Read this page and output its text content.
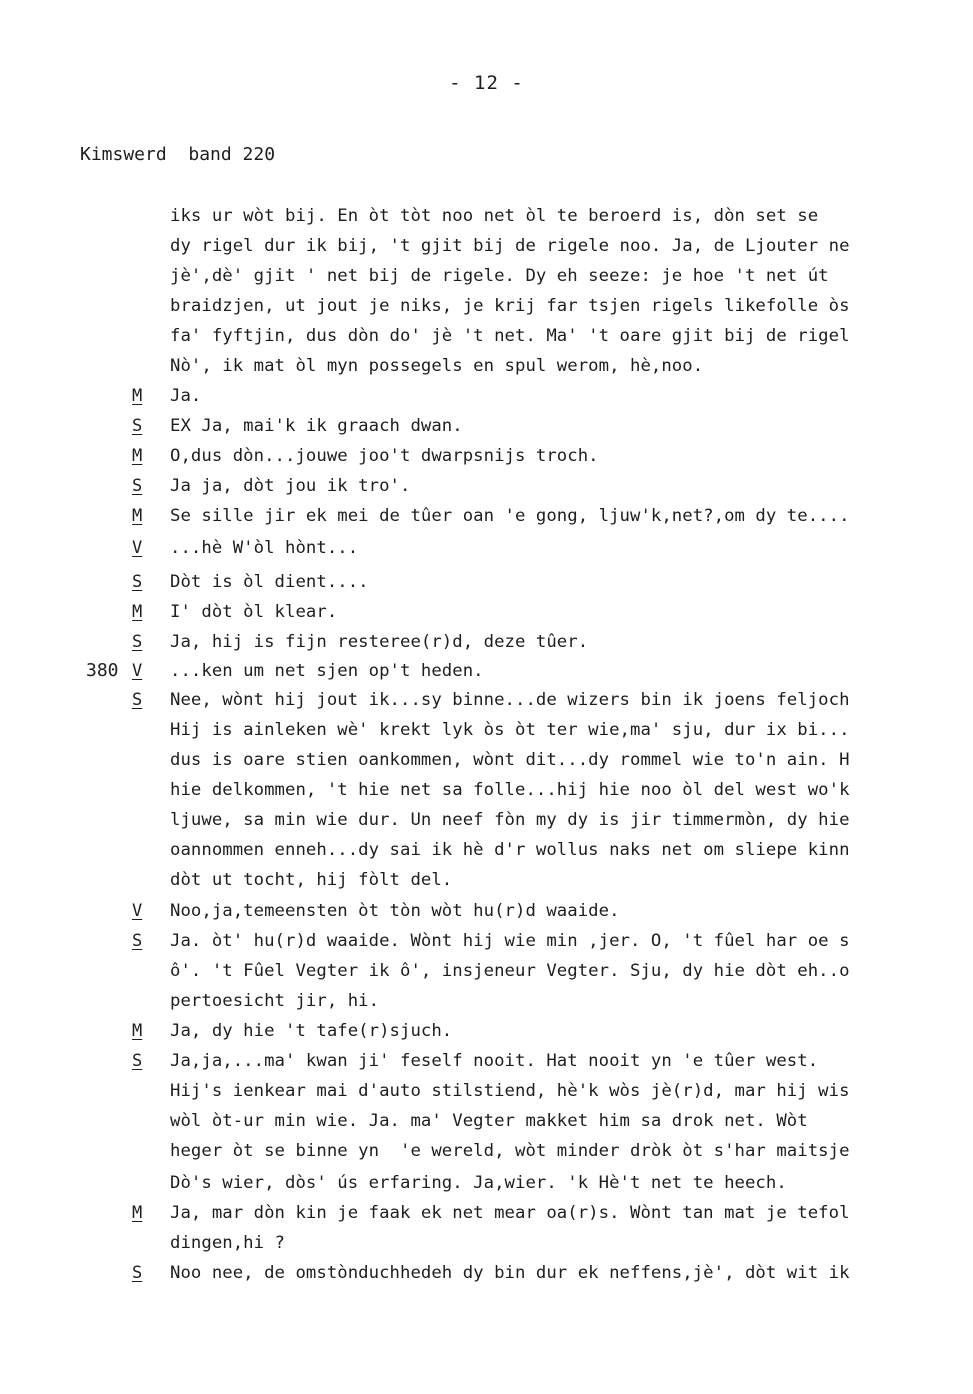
- 12 -
Kimswerd  band 220
iks ur wòt bij. En òt tòt noo net òl te beroerd is, dòn set se
dy rigel dur ik bij, 't gjit bij de rigele noo. Ja, de Ljouter ne
jè',dè' gjit ' net bij de rigele. Dy eh seeze: je hoe 't net út
braidzjen, ut jout je niks, je krij far tsjen rigels likefolle òs
fa' fyftjin, dus dòn do' jè 't net. Ma' 't oare gjit bij de rigel
Nò', ik mat òl myn possegels en spul werom, hè,noo.
M Ja.
S EX Ja, mai'k ik graach dwan.
M O,dus dòn...jouwe joo't dwarpsnijs troch.
S Ja ja, dòt jou ik tro'.
M Se sille jir ek mei de tûer oan 'e gong, ljuw'k,net?,om dy te....
V ...hè W'òl hònt...
S Dòt is òl dient....
M I' dòt òl klear.
S Ja, hij is fijn resteree(r)d, deze tûer.
380 V ...ken um net sjen op't heden.
S Nee, wònt hij jout ik...sy binne...de wizers bin ik joens feljoch
Hij is ainleken wè' krekt lyk òs òt ter wie,ma' sju, dur ix bi...
dus is oare stien oankommen, wònt dit...dy rommel wie to'n ain. H
hie delkommen, 't hie net sa folle...hij hie noo òl del west wo'k
ljuwe, sa min wie dur. Un neef fòn my dy is jir timmermòn, dy hie
oannommen enneh...dy sai ik hè d'r wollus naks net om sliepe kinn
dòt ut tocht, hij fòlt del.
V Noo,ja,temeensten òt tòn wòt hu(r)d waaide.
S Ja. òt' hu(r)d waaide. Wònt hij wie min ,jer. O, 't fûel har oe s
ô'. 't Fûel Vegter ik ô', insjeneur Vegter. Sju, dy hie dòt eh..o
pertoesicht jir, hi.
M Ja, dy hie 't tafe(r)sjuch.
S Ja,ja,...ma' kwan ji' feself nooit. Hat nooit yn 'e tûer west.
Hij's ienkear mai d'auto stilstiend, hè'k wòs jè(r)d, mar hij wis
wòl òt-ur min wie. Ja. ma' Vegter makket him sa drok net. Wòt
heger òt se binne yn  'e wereld, wòt minder dròk òt s'har maitsje
Dò's wier, dòs' ús erfaring. Ja,wier. 'k Hè't net te heech.
M Ja, mar dòn kin je faak ek net mear oa(r)s. Wònt tan mat je tefol
dingen,hi ?
S Noo nee, de omstònduchhedeh dy bin dur ek neffens,jè', dòt wit ik
